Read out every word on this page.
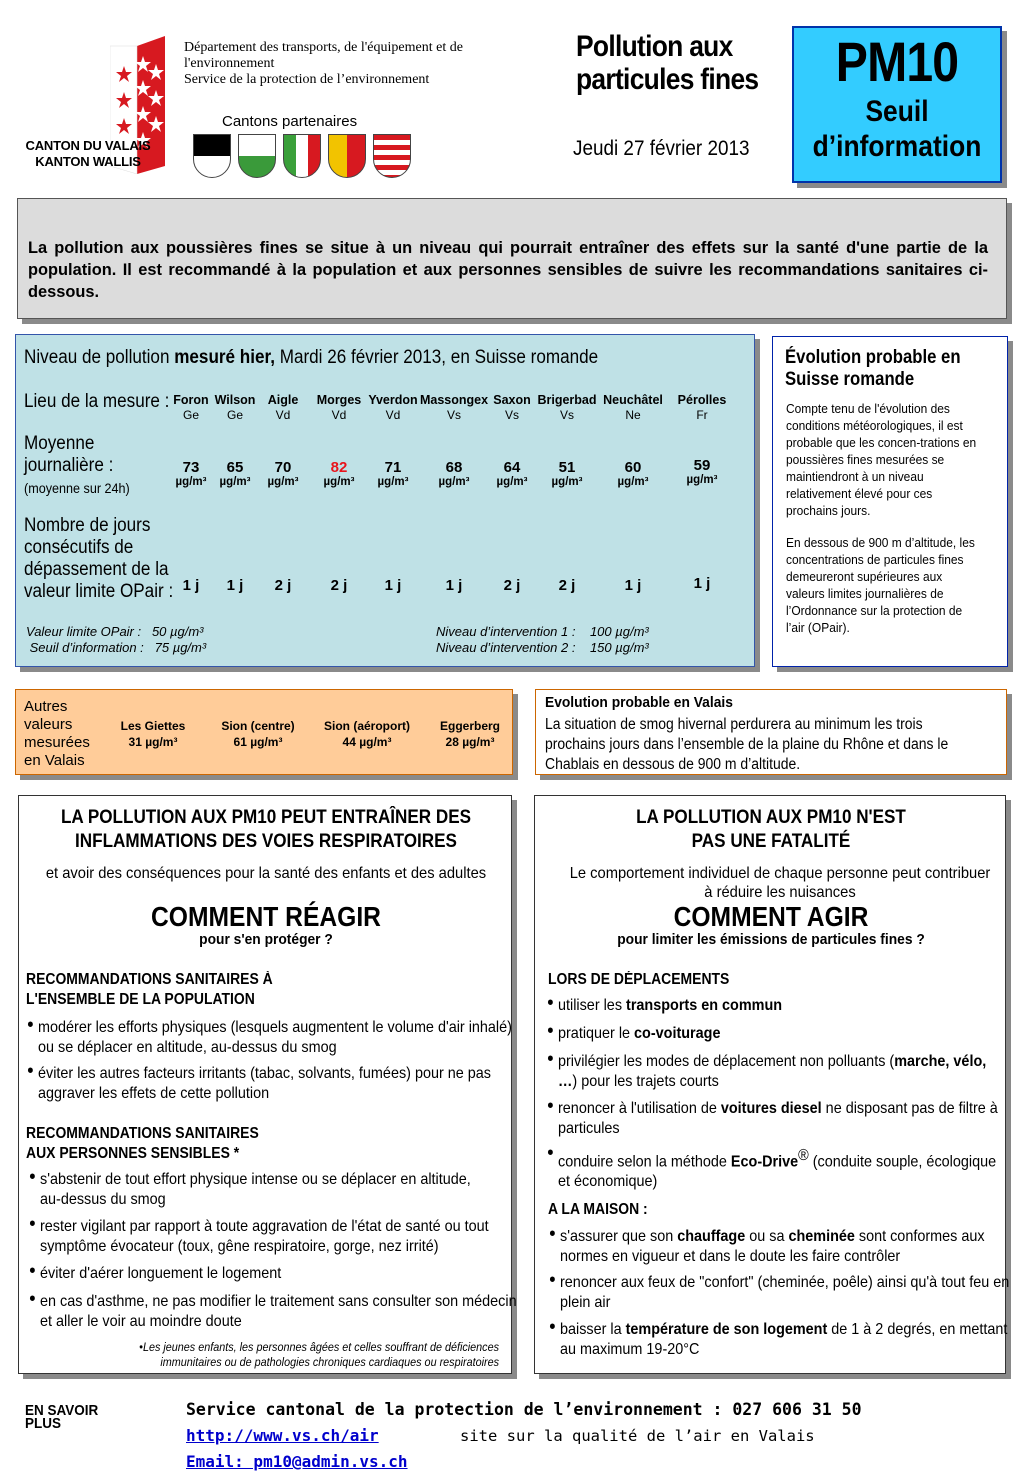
CANTON DU VALAIS
KANTON WALLIS
Département des transports, de l'équipement et de l'environnement
Service de la protection de l’environnement
Cantons partenaires
Pollution aux
particules fines
Jeudi 27 février 2013
PM10
Seuil
d’information

La pollution aux poussières fines se situe à un niveau qui pourrait entraîner des effets sur la santé d'une partie de la population. Il est recommandé à la population et aux personnes sensibles de suivre les recommandations sanitaires ci-dessous.

Niveau de pollution mesuré hier, Mardi 26 février 2013, en Suisse romande
Lieu de la mesure :
Moyenne
journalière :
(moyenne sur 24h)
Nombre de jours
consécutifs de
dépassement de la
valeur limite OPair :
Foron
Ge
73
µg/m³
1 j
Wilson
Ge
65
µg/m³
1 j
Aigle
Vd
70
µg/m³
2 j
Morges
Vd
82
µg/m³
2 j
Yverdon
Vd
71
µg/m³
1 j
Massongex
Vs
68
µg/m³
1 j
Saxon
Vs
64
µg/m³
2 j
Brigerbad
Vs
51
µg/m³
2 j
Neuchâtel
Ne
60
µg/m³
1 j
Pérolles
Fr
59
µg/m³
1 j
Valeur limite OPair : 50 µg/m³
Seuil d’information : 75 µg/m³
Niveau d’intervention 1 : 100 µg/m³
Niveau d’intervention 2 : 150 µg/m³
Évolution probable en Suisse romande

Compte tenu de l'évolution des conditions météorologiques, il est probable que les concen-trations en poussières fines mesurées se maintiendront à un niveau relativement élevé pour ces prochains jours.

En dessous de 900 m d’altitude, les concentrations de particules fines demeureront supérieures aux valeurs limites journalières de l’Ordonnance sur la protection de l’air (OPair).

Autres
valeurs
mesurées
en Valais
Les Giettes
31 µg/m³
Sion (centre)
61 µg/m³
Sion (aéroport)
44 µg/m³
Eggerberg
28 µg/m³
Evolution probable en Valais

La situation de smog hivernal perdurera au minimum les trois prochains jours dans l’ensemble de la plaine du Rhône et dans le Chablais en dessous de 900 m d’altitude.

LA POLLUTION AUX PM10 PEUT ENTRAÎNER DES
INFLAMMATIONS DES VOIES RESPIRATOIRES
et avoir des conséquences pour la santé des enfants et des adultes
COMMENT RÉAGIR
pour s'en protéger ?
RECOMMANDATIONS SANITAIRES À
L'ENSEMBLE DE LA POPULATION
• modérer les efforts physiques (lesquels augmentent le volume d'air inhalé) ou se déplacer en altitude, au-dessus du smog
• éviter les autres facteurs irritants (tabac, solvants, fumées) pour ne pas aggraver les effets de cette pollution
RECOMMANDATIONS SANITAIRES
AUX PERSONNES SENSIBLES *
• s'abstenir de tout effort physique intense ou se déplacer en altitude, au-dessus du smog
• rester vigilant par rapport à toute aggravation de l'état de santé ou tout symptôme évocateur (toux, gêne respiratoire, gorge, nez irrité)
• éviter d'aérer longuement le logement
• en cas d'asthme, ne pas modifier le traitement sans consulter son médecin et aller le voir au moindre doute
•Les jeunes enfants, les personnes âgées et celles souffrant de déficiences
immunitaires ou de pathologies chroniques cardiaques ou respiratoires
LA POLLUTION AUX PM10 N'EST
PAS UNE FATALITÉ
Le comportement individuel de chaque personne peut contribuer
à réduire les nuisances
COMMENT AGIR
pour limiter les émissions de particules fines ?
LORS DE DÉPLACEMENTS
• utiliser les transports en commun
• pratiquer le co-voiturage
• privilégier les modes de déplacement non polluants (marche, vélo, …) pour les trajets courts
• renoncer à l'utilisation de voitures diesel ne disposant pas de filtre à particules
• conduire selon la méthode Eco-Drive® (conduite souple, écologique et économique)
A LA MAISON :
• s'assurer que son chauffage ou sa cheminée sont conformes aux normes en vigueur et dans le doute les faire contrôler
• renoncer aux feux de "confort" (cheminée, poêle) ainsi qu'à tout feu en plein air
• baisser la température de son logement de 1 à 2 degrés, en mettant au maximum 19-20°C
EN SAVOIR
PLUS
Service cantonal de la protection de l’environnement : 027 606 31 50
http://www.vs.ch/air	site sur la qualité de l’air en Valais
Email: pm10@admin.vs.ch
